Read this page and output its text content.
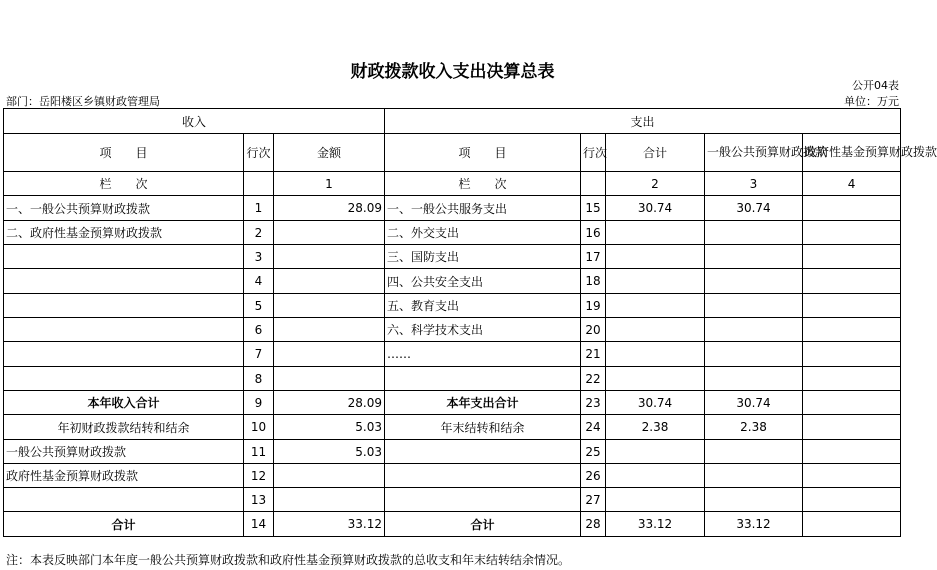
财政拨款收入支出决算总表
公开04表
部门：岳阳楼区乡镇财政管理局	单位：万元
收入			支出				
项　　目	行次	金额	项　　目	行次	合计	一般公共预算财政拨款	政府性基金预算财政拨款
栏　　次		1	栏　　次		2	3	4
一、一般公共预算财政拨款	1	28.09	一、一般公共服务支出	15	30.74	30.74	
二、政府性基金预算财政拨款	2		二、外交支出	16			
	3		三、国防支出	17			
	4		四、公共安全支出	18			
	5		五、教育支出	19			
	6		六、科学技术支出	20			
	7		……	21			
	8			22			
本年收入合计	9	28.09	本年支出合计	23	30.74	30.74	
年初财政拨款结转和结余	10	5.03	年末结转和结余	24	2.38	2.38	
一般公共预算财政拨款	11	5.03		25			
政府性基金预算财政拨款	12			26			
	13			27			
合计	14	33.12	合计	28	33.12	33.12	
注：本表反映部门本年度一般公共预算财政拨款和政府性基金预算财政拨款的总收支和年末结转结余情况。
